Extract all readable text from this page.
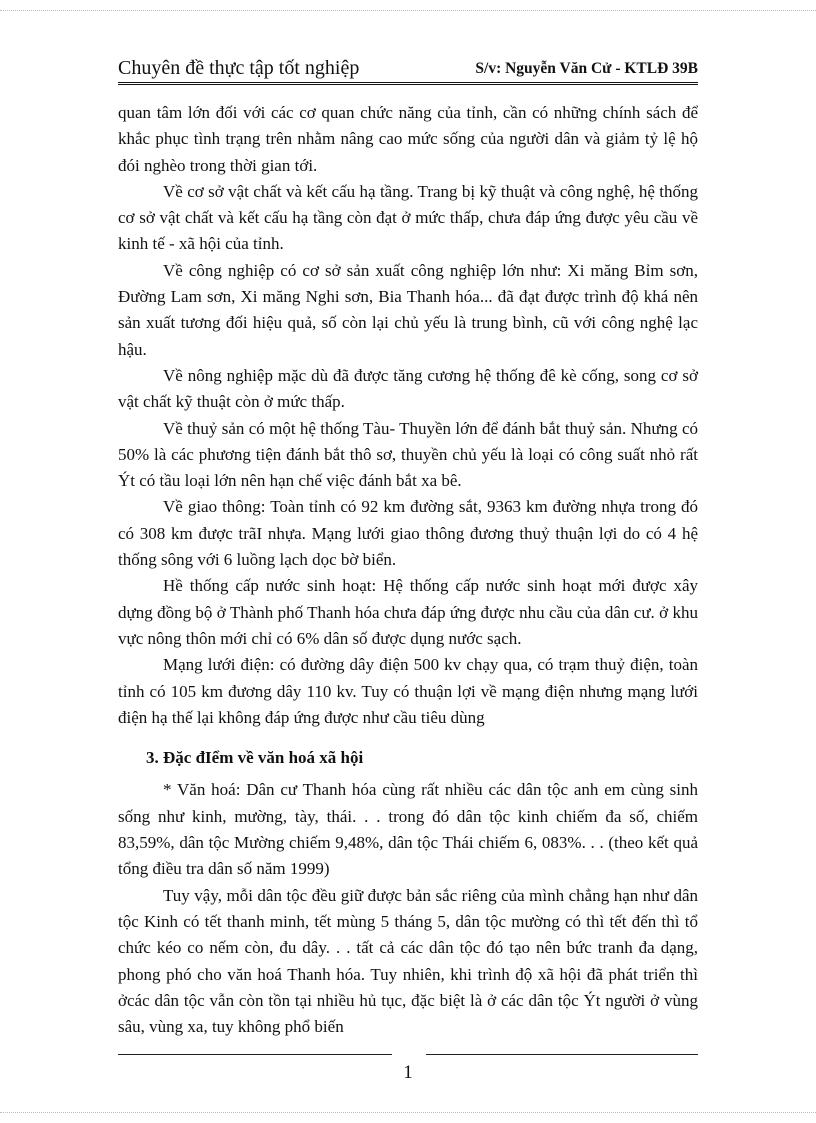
Chuyên đề thực tập tốt nghiệp	S/v: Nguyễn Văn Cử - KTLĐ 39B

quan tâm lớn đối với các cơ quan chức năng của tỉnh, cần có những chính sách để khắc phục tình trạng trên nhằm nâng cao mức sống của người dân và giảm tỷ lệ hộ đói nghèo trong thời gian tới.

Về cơ sở vật chất và kết cấu hạ tầng. Trang bị kỹ thuật và công nghệ, hệ thống cơ sở vật chất và kết cấu hạ tầng còn đạt ở mức thấp, chưa đáp ứng được yêu cầu về kinh tế - xã hội của tỉnh.

Về công nghiệp có cơ sở sản xuất công nghiệp lớn như: Xi măng Bỉm sơn, Đường Lam sơn, Xi măng Nghi sơn, Bia Thanh hóa... đã đạt được trình độ khá nên sản xuất tương đối hiệu quả, số còn lại chủ yếu là trung bình, cũ với công nghệ lạc hậu.

Về nông nghiệp mặc dù đã được tăng cương hệ thống đê kè cống, song cơ sở vật chất kỹ thuật còn ở mức thấp.

Về thuỷ sản có một hệ thống Tàu- Thuyền lớn để đánh bắt thuỷ sản. Nhưng có 50% là các phương tiện đánh bắt thô sơ, thuyền chủ yếu là loại có công suất nhỏ rất Ýt có tầu loại lớn nên hạn chế việc đánh bắt xa bê.

Về giao thông: Toàn tỉnh có 92 km đường sắt, 9363 km đường nhựa trong đó có 308 km được trãI nhựa. Mạng lưới giao thông đương thuỷ thuận lợi do có 4 hệ thống sông với 6 luồng lạch dọc bờ biển.

Hề thống cấp nước sinh hoạt: Hệ thống cấp nước sinh hoạt mới được xây dựng đồng bộ ở Thành phố Thanh hóa chưa đáp ứng được nhu cầu của dân cư. ở khu vực nông thôn mới chỉ có 6% dân số được dụng nước sạch.

Mạng lưới điện: có đường dây điện 500 kv chạy qua, có trạm thuỷ điện, toàn tỉnh có 105 km đương dây 110 kv. Tuy có thuận lợi về mạng điện nhưng mạng lưới điện hạ thế lại không đáp ứng được như cầu tiêu dùng

3. Đặc đIểm về văn hoá xã hội

* Văn hoá: Dân cư Thanh hóa cùng rất nhiều các dân tộc anh em cùng sinh sống như kinh, mường, tày, thái. . . trong đó dân tộc kinh chiếm đa số, chiếm 83,59%, dân tộc Mường chiếm 9,48%, dân tộc Thái chiếm 6, 083%. . . (theo kết quả tổng điều tra dân số năm 1999)

Tuy vậy, mỗi dân tộc đều giữ được bản sắc riêng của mình chẳng hạn như dân tộc Kinh có tết thanh minh, tết mùng 5 tháng 5, dân tộc mường có thì tết đến thì tổ chức kéo co nếm còn, đu dây. . . tất cả các dân tộc đó tạo nên bức tranh đa dạng, phong phó cho văn hoá Thanh hóa. Tuy nhiên, khi trình độ xã hội đã phát triển thì ởcác dân tộc vẫn còn tồn tại nhiều hủ tục, đặc biệt là ở các dân tộc Ýt người ở vùng sâu, vùng xa, tuy không phổ biến

1
